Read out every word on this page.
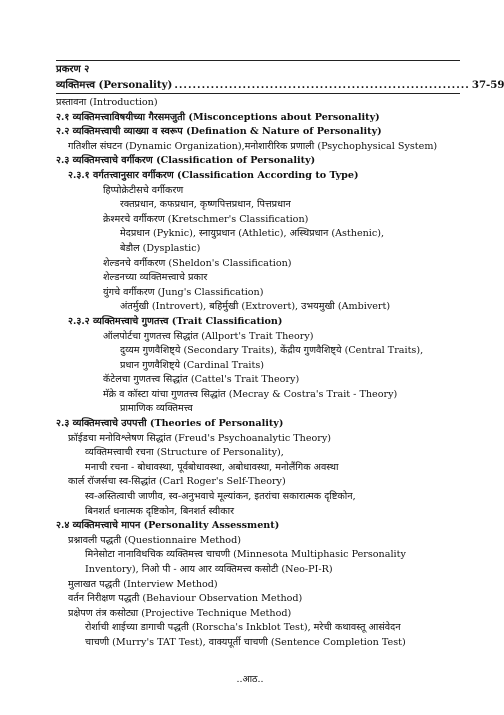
प्रकरण २
व्यक्तिमत्त्व (Personality) ................................................................. 37-59
प्रस्तावना (Introduction)
२.१ व्यक्तिमत्त्वाविषयीच्या गैरसमजुती (Misconceptions about Personality)
२.२ व्यक्तिमत्त्वाची व्याख्या व स्वरूप (Defination & Nature of Personality)
गतिशील संघटन (Dynamic Organization),मनोशारीरिक प्रणाली (Psychophysical System)
२.३ व्यक्तिमत्त्वाचे वर्गीकरण (Classification of Personality)
२.३.१ वर्गतत्त्वानुसार वर्गीकरण (Classification According to Type)
हिप्पोक्रेटीसचे वर्गीकरण
रक्तप्रधान, कफप्रधान, कृष्णपित्तप्रधान, पित्तप्रधान
क्रेश्मरचे वर्गीकरण (Kretschmer's Classification)
मेदप्रधान (Pyknic), स्नायुप्रधान (Athletic), अस्थिप्रधान (Asthenic),
बेडौल (Dysplastic)
शेल्डनचे वर्गीकरण (Sheldon's Classification)
शेल्डनच्या व्यक्तिमत्त्वाचे प्रकार
युंगचे वर्गीकरण (Jung's Classification)
अंतर्मुखी (Introvert), बहिर्मुखी (Extrovert), उभयमुखी (Ambivert)
२.३.२ व्यक्तिमत्त्वाचे गुणतत्त्व (Trait Classification)
ऑलपोर्टचा गुणतत्त्व सिद्धांत (Allport's Trait Theory)
दुय्यम गुणवैशिष्ट्ये (Secondary Traits), केंद्रीय गुणवैशिष्ट्ये (Central Traits),
प्रधान गुणवैशिष्ट्ये (Cardinal Traits)
कॅटेलचा गुणतत्त्व सिद्धांत (Cattel's Trait Theory)
मॅक्रे व कॉस्टा यांचा गुणतत्त्व सिद्धांत (Mecray & Costra's Trait - Theory)
प्रामाणिक व्यक्तिमत्त्व
२.३ व्यक्तिमत्त्वाचे उपपत्ती (Theories of Personality)
फ्रॉईडचा मनोविश्लेषण सिद्धांत (Freud's Psychoanalytic Theory)
व्यक्तिमत्त्वाची रचना (Structure of Personality),
मनाची रचना - बोधावस्था, पूर्वबोधावस्था, अबोधावस्था, मनोलैंगिक अवस्था
कार्ल रॉजर्सचा स्व-सिद्धांत (Carl Roger's Self-Theory)
स्व-अस्तित्वाची जाणीव, स्व-अनुभवाचे मूल्यांकन, इतरांचा सकारात्मक दृष्टिकोन,
बिनशर्त धनात्मक दृष्टिकोन, बिनशर्त स्वीकार
२.४ व्यक्तिमत्त्वाचे मापन (Personality Assessment)
प्रश्नावली पद्धती (Questionnaire Method)
मिनेसोटा नानाविधचिक व्यक्तिमत्त्व चाचणी (Minnesota Multiphasic Personality
Inventory), निओ पी - आय आर व्यक्तिमत्त्व कसोटी (Neo-PI-R)
मुलाखत पद्धती (Interview Method)
वर्तन निरीक्षण पद्धती (Behaviour Observation Method)
प्रक्षेपण तंत्र कसोट्या (Projective Technique Method)
रोर्शाची शाईच्या डागाची पद्धती (Rorscha's Inkblot Test), मरेची कथावस्तू आसंवेदन
चाचणी (Murry's TAT Test), वाक्यपूर्ती चाचणी (Sentence Completion Test)
..आठ..
